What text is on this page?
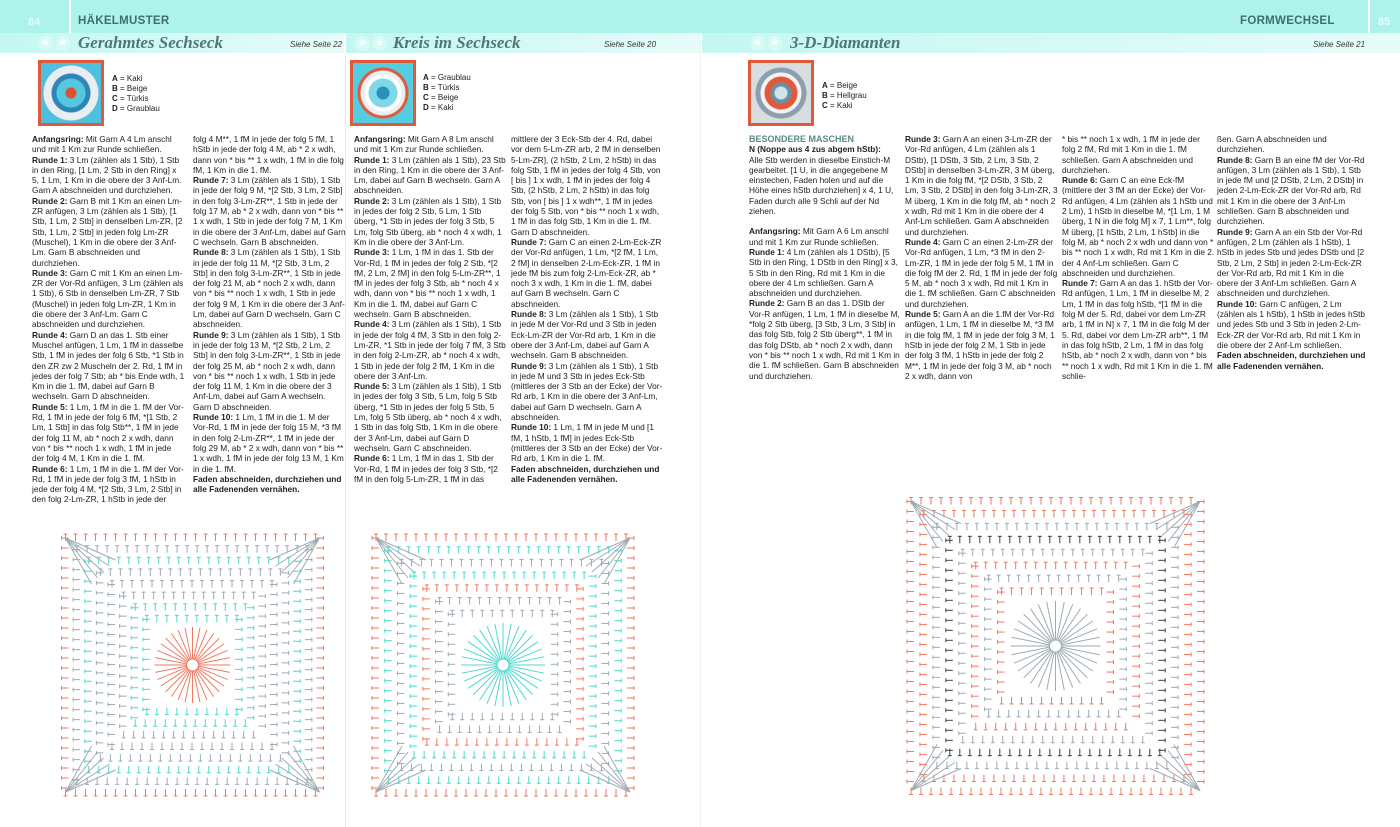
84	HÄKELMUSTER	FORMWECHSEL	85
★ ★ Gerahmtes Sechseck	Siehe Seite 22
A = Kaki
B = Beige
C = Türkis
D = Graublau
★ ★ Kreis im Sechseck	Siehe Seite 20
A = Graublau
B = Türkis
C = Beige
D = Kaki
★ ★ 3-D-Diamanten	Siehe Seite 21
A = Beige
B = Hellgrau
C = Kaki

Anfangsring: Mit Garn A 4 Lm anschl und mit 1 Km zur Runde schließen.

Runde 1: 3 Lm (zählen als 1 Stb), 1 Stb in den Ring, [1 Lm, 2 Stb in den Ring] x 5, 1 Lm, 1 Km in die obere der 3 Anf-Lm. Garn A abschneiden und durchziehen.

Runde 2: Garn B mit 1 Km an einen Lm-ZR anfügen, 3 Lm (zählen als 1 Stb), [1 Stb, 1 Lm, 2 Stb] in denselben Lm-ZR, [2 Stb, 1 Lm, 2 Stb] in jeden folg Lm-ZR (Muschel), 1 Km in die obere der 3 Anf-Lm. Garn B abschneiden und durchziehen.

Runde 3: Garn C mit 1 Km an einen Lm-ZR der Vor-Rd anfügen, 3 Lm (zählen als 1 Stb), 6 Stb in denselben Lm-ZR, 7 Stb (Muschel) in jeden folg Lm-ZR, 1 Km in die obere der 3 Anf-Lm. Garn C abschneiden und durchziehen.

Runde 4: Garn D an das 1. Stb einer Muschel anfügen, 1 Lm, 1 fM in dasselbe Stb, 1 fM in jedes der folg 6 Stb, *1 Stb in den ZR zw 2 Muscheln der 2. Rd, 1 fM in jedes der folg 7 Stb; ab * bis Ende wdh, 1 Km in die 1. fM, dabei auf Garn B wechseln. Garn D abschneiden.

Runde 5: 1 Lm, 1 fM in die 1. fM der Vor-Rd, 1 fM in jede der folg 6 fM, *[1 Stb, 2 Lm, 1 Stb] in das folg Stb**, 1 fM in jede der folg 11 M, ab * noch 2 x wdh, dann von * bis ** noch 1 x wdh, 1 fM in jede der folg 4 M, 1 Km in die 1. fM.

Runde 6: 1 Lm, 1 fM in die 1. fM der Vor-Rd, 1 fM in jede der folg 3 fM, 1 hStb in jede der folg 4 M, *[2 Stb, 3 Lm, 2 Stb] in den folg 2-Lm-ZR, 1 hStb in jede der

folg 4 M**, 1 fM in jede der folg 5 fM, 1 hStb in jede der folg 4 M, ab * 2 x wdh, dann von * bis ** 1 x wdh, 1 fM in die folg fM, 1 Km in die 1. fM.

Runde 7: 3 Lm (zählen als 1 Stb), 1 Stb in jede der folg 9 M, *[2 Stb, 3 Lm, 2 Stb] in den folg 3-Lm-ZR**, 1 Stb in jede der folg 17 M, ab * 2 x wdh, dann von * bis ** 1 x wdh, 1 Stb in jede der folg 7 M, 1 Km in die obere der 3 Anf-Lm, dabei auf Garn C wechseln. Garn B abschneiden.

Runde 8: 3 Lm (zählen als 1 Stb), 1 Stb in jede der folg 11 M, *[2 Stb, 3 Lm, 2 Stb] in den folg 3-Lm-ZR**, 1 Stb in jede der folg 21 M, ab * noch 2 x wdh, dann von * bis ** noch 1 x wdh, 1 Stb in jede der folg 9 M, 1 Km in die obere der 3 Anf-Lm, dabei auf Garn D wechseln. Garn C abschneiden.

Runde 9: 3 Lm (zählen als 1 Stb), 1 Stb in jede der folg 13 M, *[2 Stb, 2 Lm, 2 Stb] in den folg 3-Lm-ZR**, 1 Stb in jede der folg 25 M, ab * noch 2 x wdh, dann von * bis ** noch 1 x wdh, 1 Stb in jede der folg 11 M, 1 Km in die obere der 3 Anf-Lm, dabei auf Garn A wechseln. Garn D abschneiden.

Runde 10: 1 Lm, 1 fM in die 1. M der Vor-Rd, 1 fM in jede der folg 15 M, *3 fM in den folg 2-Lm-ZR**, 1 fM in jede der folg 29 M, ab * 2 x wdh, dann von * bis ** 1 x wdh, 1 fM in jede der folg 13 M, 1 Km in die 1. fM.

Faden abschneiden, durchziehen und alle Fadenenden vernähen.

Anfangsring: Mit Garn A 8 Lm anschl und mit 1 Km zur Runde schließen.

Runde 1: 3 Lm (zählen als 1 Stb), 23 Stb in den Ring, 1 Km in die obere der 3 Anf-Lm, dabei auf Garn B wechseln. Garn A abschneiden.

Runde 2: 3 Lm (zählen als 1 Stb), 1 Stb in jedes der folg 2 Stb, 5 Lm, 1 Stb überg, *1 Stb in jedes der folg 3 Stb, 5 Lm, folg Stb überg, ab * noch 4 x wdh, 1 Km in die obere der 3 Anf-Lm.

Runde 3: 1 Lm, 1 fM in das 1. Stb der Vor-Rd, 1 fM in jedes der folg 2 Stb, *[2 fM, 2 Lm, 2 fM] in den folg 5-Lm-ZR**, 1 fM in jedes der folg 3 Stb, ab * noch 4 x wdh, dann von * bis ** noch 1 x wdh, 1 Km in die 1. fM, dabei auf Garn C wechseln. Garn B abschneiden.

Runde 4: 3 Lm (zählen als 1 Stb), 1 Stb in jede der folg 4 fM, 3 Stb in den folg 2-Lm-ZR, *1 Stb in jede der folg 7 fM, 3 Stb in den folg 2-Lm-ZR, ab * noch 4 x wdh, 1 Stb in jede der folg 2 fM, 1 Km in die obere der 3 Anf-Lm.

Runde 5: 3 Lm (zählen als 1 Stb), 1 Stb in jedes der folg 3 Stb, 5 Lm, folg 5 Stb überg, *1 Stb in jedes der folg 5 Stb, 5 Lm, folg 5 Stb überg, ab * noch 4 x wdh, 1 Stb in das folg Stb, 1 Km in die obere der 3 Anf-Lm, dabei auf Garn D wechseln. Garn C abschneiden.

Runde 6: 1 Lm, 1 fM in das 1. Stb der Vor-Rd, 1 fM in jedes der folg 3 Stb, *[2 fM in den folg 5-Lm-ZR, 1 fM in das

mittlere der 3 Eck-Stb der 4. Rd, dabei vor dem 5-Lm-ZR arb, 2 fM in denselben 5-Lm-ZR], (2 hStb, 2 Lm, 2 hStb) in das folg Stb, 1 fM in jedes der folg 4 Stb, von [ bis ] 1 x wdh, 1 fM in jedes der folg 4 Stb, (2 hStb, 2 Lm, 2 hStb) in das folg Stb, von [ bis ] 1 x wdh**, 1 fM in jedes der folg 5 Stb, von * bis ** noch 1 x wdh, 1 fM in das folg Stb, 1 Km in die 1. fM. Garn D abschneiden.

Runde 7: Garn C an einen 2-Lm-Eck-ZR der Vor-Rd anfügen, 1 Lm, *[2 fM, 1 Lm, 2 fM] in denselben 2-Lm-Eck-ZR, 1 fM in jede fM bis zum folg 2-Lm-Eck-ZR, ab * noch 3 x wdh, 1 Km in die 1. fM, dabei auf Garn B wechseln. Garn C abschneiden.

Runde 8: 3 Lm (zählen als 1 Stb), 1 Stb in jede M der Vor-Rd und 3 Stb in jeden Eck-Lm-ZR der Vor-Rd arb, 1 Km in die obere der 3 Anf-Lm, dabei auf Garn A wechseln. Garn B abschneiden.

Runde 9: 3 Lm (zählen als 1 Stb), 1 Stb in jede M und 3 Stb in jedes Eck-Stb (mittleres der 3 Stb an der Ecke) der Vor-Rd arb, 1 Km in die obere der 3 Anf-Lm, dabei auf Garn D wechseln. Garn A abschneiden.

Runde 10: 1 Lm, 1 fM in jede M und [1 fM, 1 hStb, 1 fM] in jedes Eck-Stb (mittleres der 3 Stb an der Ecke) der Vor-Rd arb, 1 Km in die 1. fM.

Faden abschneiden, durchziehen und alle Fadenenden vernähen.

BESONDERE MASCHEN

N (Noppe aus 4 zus abgem hStb):
Alle Stb werden in dieselbe Einstich-M gearbeitet. [1 U, in die angegebene M einstechen, Faden holen und auf die Höhe eines hStb durchziehen] x 4, 1 U, Faden durch alle 9 Schli auf der Nd ziehen.

Anfangsring: Mit Garn A 6 Lm anschl und mit 1 Km zur Runde schließen.

Runde 1: 4 Lm (zählen als 1 DStb), [5 Stb in den Ring, 1 DStb in den Ring] x 3, 5 Stb in den Ring, Rd mit 1 Km in die obere der 4 Lm schließen. Garn A abschneiden und durchziehen.

Runde 2: Garn B an das 1. DStb der Vor-R anfügen, 1 Lm, 1 fM in dieselbe M, *folg 2 Stb überg, [3 Stb, 3 Lm, 3 Stb] in das folg Stb, folg 2 Stb überg**, 1 fM in das folg DStb, ab * noch 2 x wdh, dann von * bis ** noch 1 x wdh, Rd mit 1 Km in die 1. fM schließen. Garn B abschneiden und durchziehen.

Runde 3: Garn A an einen 3-Lm-ZR der Vor-Rd anfügen, 4 Lm (zählen als 1 DStb), [1 DStb, 3 Stb, 2 Lm, 3 Stb, 2 DStb] in denselben 3-Lm-ZR, 3 M überg, 1 Km in die folg fM, *[2 DStb, 3 Stb, 2 Lm, 3 Stb, 2 DStb] in den folg 3-Lm-ZR, 3 M überg, 1 Km in die folg fM, ab * noch 2 x wdh, Rd mit 1 Km in die obere der 4 Anf-Lm schließen. Garn A abschneiden und durchziehen.

Runde 4: Garn C an einen 2-Lm-ZR der Vor-Rd anfügen, 1 Lm, *3 fM in den 2-Lm-ZR, 1 fM in jede der folg 5 M, 1 fM in die folg fM der 2. Rd, 1 fM in jede der folg 5 M, ab * noch 3 x wdh, Rd mit 1 Km in die 1. fM schließen. Garn C abschneiden und durchziehen.

Runde 5: Garn A an die 1.fM der Vor-Rd anfügen, 1 Lm, 1 fM in dieselbe M, *3 fM in die folg fM, 1 fM in jede der folg 3 M, 1 hStb in jede der folg 2 M, 1 Stb in jede der folg 3 fM, 1 hStb in jede der folg 2 M**, 1 fM in jede der folg 3 M, ab * noch 2 x wdh, dann von

* bis ** noch 1 x wdh, 1 fM in jede der folg 2 fM, Rd mit 1 Km in die 1. fM schließen. Garn A abschneiden und durchziehen.

Runde 6: Garn C an eine Eck-fM (mittlere der 3 fM an der Ecke) der Vor-Rd anfügen, 4 Lm (zählen als 1 hStb und 2 Lm), 1 hStb in dieselbe M, *[1 Lm, 1 M überg, 1 N in die folg M] x 7, 1 Lm**, folg M überg, [1 hStb, 2 Lm, 1 hStb] in die folg M, ab * noch 2 x wdh und dann von * bis ** noch 1 x wdh, Rd mit 1 Km in die 2. der 4 Anf-Lm schließen. Garn C abschneiden und durchziehen.

Runde 7: Garn A an das 1. hStb der Vor-Rd anfügen, 1 Lm, 1 fM in dieselbe M, 2 Lm, 1 fM in das folg hStb, *[1 fM in die folg M der 5. Rd, dabei vor dem Lm-ZR arb, 1 fM in N] x 7, 1 fM in die folg M der 5. Rd, dabei vor dem Lm-ZR arb**, 1 fM in das folg hStb, 2 Lm, 1 fM in das folg hStb, ab * noch 2 x wdh, dann von * bis ** noch 1 x wdh, Rd mit 1 Km in die 1. fM schlie-

ßen. Garn A abschneiden und durchziehen.

Runde 8: Garn B an eine fM der Vor-Rd anfügen, 3 Lm (zählen als 1 Stb), 1 Stb in jede fM und [2 DStb, 2 Lm, 2 DStb] in jeden 2-Lm-Eck-ZR der Vor-Rd arb, Rd mit 1 Km in die obere der 3 Anf-Lm schließen. Garn B abschneiden und durchziehen.

Runde 9: Garn A an ein Stb der Vor-Rd anfügen, 2 Lm (zählen als 1 hStb), 1 hStb in jedes Stb und jedes DStb und [2 Stb, 2 Lm, 2 Stb] in jeden 2-Lm-Eck-ZR der Vor-Rd arb, Rd mit 1 Km in die obere der 3 Anf-Lm schließen. Garn A abschneiden und durchziehen.

Runde 10: Garn C anfügen, 2 Lm (zählen als 1 hStb), 1 hStb in jedes hStb und jedes Stb und 3 Stb in jeden 2-Lm-Eck-ZR der Vor-Rd arb, Rd mit 1 Km in die obere der 2 Anf-Lm schließen.

Faden abschneiden, durchziehen und alle Fadenenden vernähen.
